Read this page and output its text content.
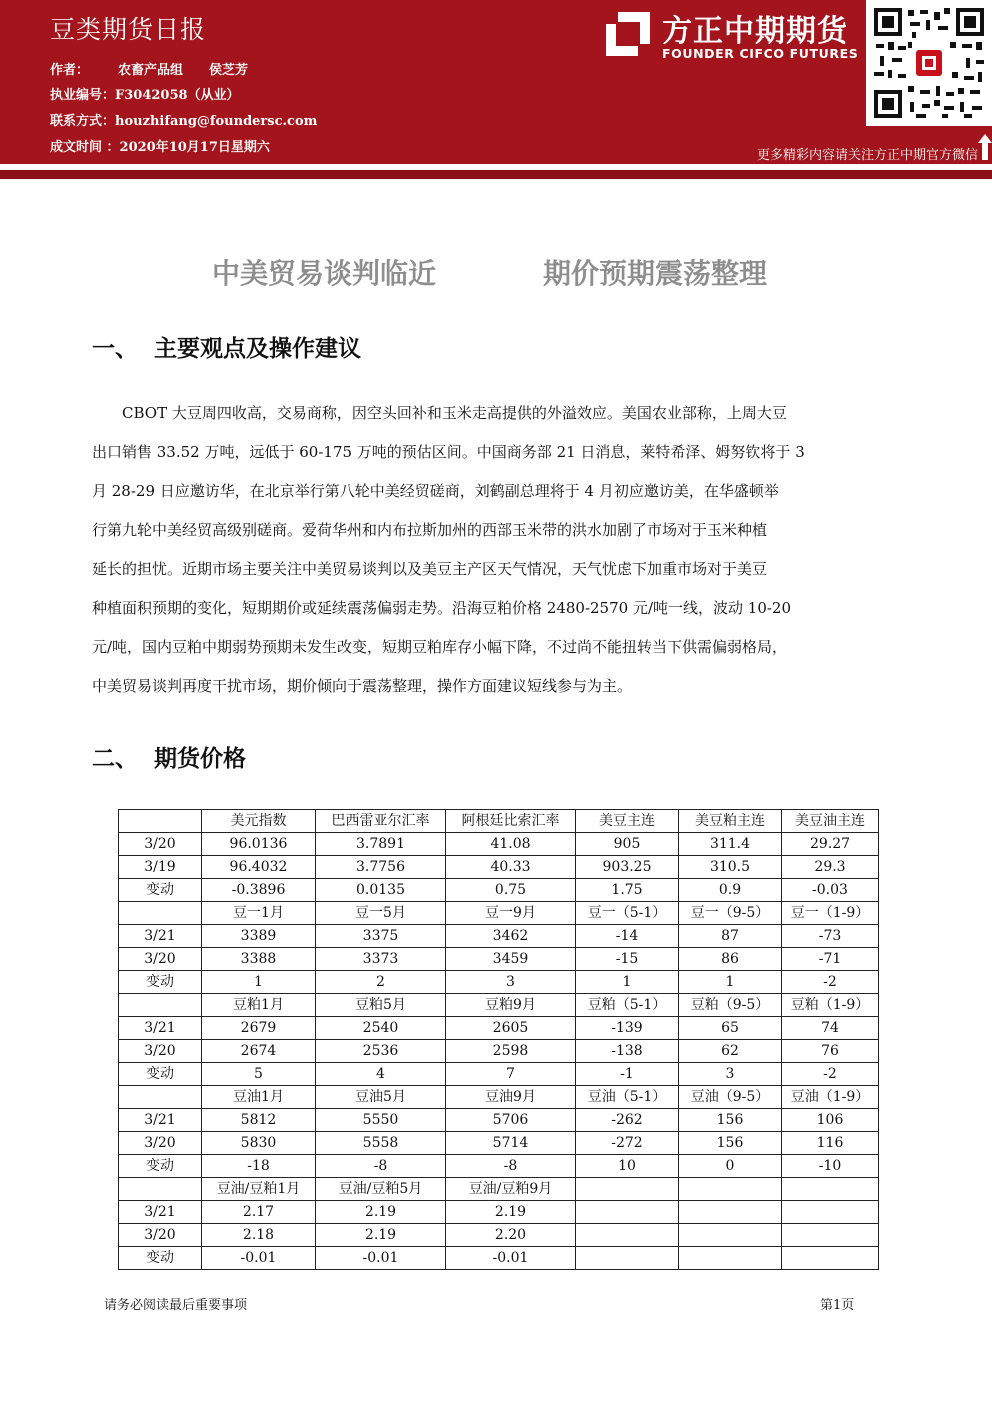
豆类期货日报
作者： 农畜产品组 侯芝芳
执业编号：F3042058（从业）
联系方式：houzhifang@foundersc.com
成文时间 ：2020年10月17日星期六
方正中期期货
FOUNDER CIFCO FUTURES
更多精彩内容请关注方正中期官方微信
中美贸易谈判临近	期价预期震荡整理
一、 主要观点及操作建议
CBOT 大豆周四收高，交易商称，因空头回补和玉米走高提供的外溢效应。美国农业部称，上周大豆
出口销售 33.52 万吨，远低于 60-175 万吨的预估区间。中国商务部 21 日消息，莱特希泽、姆努钦将于 3
月 28-29 日应邀访华，在北京举行第八轮中美经贸磋商，刘鹤副总理将于 4 月初应邀访美，在华盛顿举
行第九轮中美经贸高级别磋商。爱荷华州和内布拉斯加州的西部玉米带的洪水加剧了市场对于玉米种植
延长的担忧。近期市场主要关注中美贸易谈判以及美豆主产区天气情况，天气忧虑下加重市场对于美豆
种植面积预期的变化，短期期价或延续震荡偏弱走势。沿海豆粕价格 2480-2570 元/吨一线，波动 10-20
元/吨，国内豆粕中期弱势预期未发生改变，短期豆粕库存小幅下降，不过尚不能扭转当下供需偏弱格局，
中美贸易谈判再度干扰市场，期价倾向于震荡整理，操作方面建议短线参与为主。
二、 期货价格
	美元指数	巴西雷亚尔汇率	阿根廷比索汇率	美豆主连	美豆粕主连	美豆油主连
3/20	96.0136	3.7891	41.08	905	311.4	29.27
3/19	96.4032	3.7756	40.33	903.25	310.5	29.3
变动	-0.3896	0.0135	0.75	1.75	0.9	-0.03
	豆一1月	豆一5月	豆一9月	豆一（5-1）	豆一（9-5）	豆一（1-9）
3/21	3389	3375	3462	-14	87	-73
3/20	3388	3373	3459	-15	86	-71
变动	1	2	3	1	1	-2
	豆粕1月	豆粕5月	豆粕9月	豆粕（5-1）	豆粕（9-5）	豆粕（1-9）
3/21	2679	2540	2605	-139	65	74
3/20	2674	2536	2598	-138	62	76
变动	5	4	7	-1	3	-2
	豆油1月	豆油5月	豆油9月	豆油（5-1）	豆油（9-5）	豆油（1-9）
3/21	5812	5550	5706	-262	156	106
3/20	5830	5558	5714	-272	156	116
变动	-18	-8	-8	10	0	-10
	豆油/豆粕1月	豆油/豆粕5月	豆油/豆粕9月			
3/21	2.17	2.19	2.19			
3/20	2.18	2.19	2.20			
变动	-0.01	-0.01	-0.01			
请务必阅读最后重要事项	第1页
